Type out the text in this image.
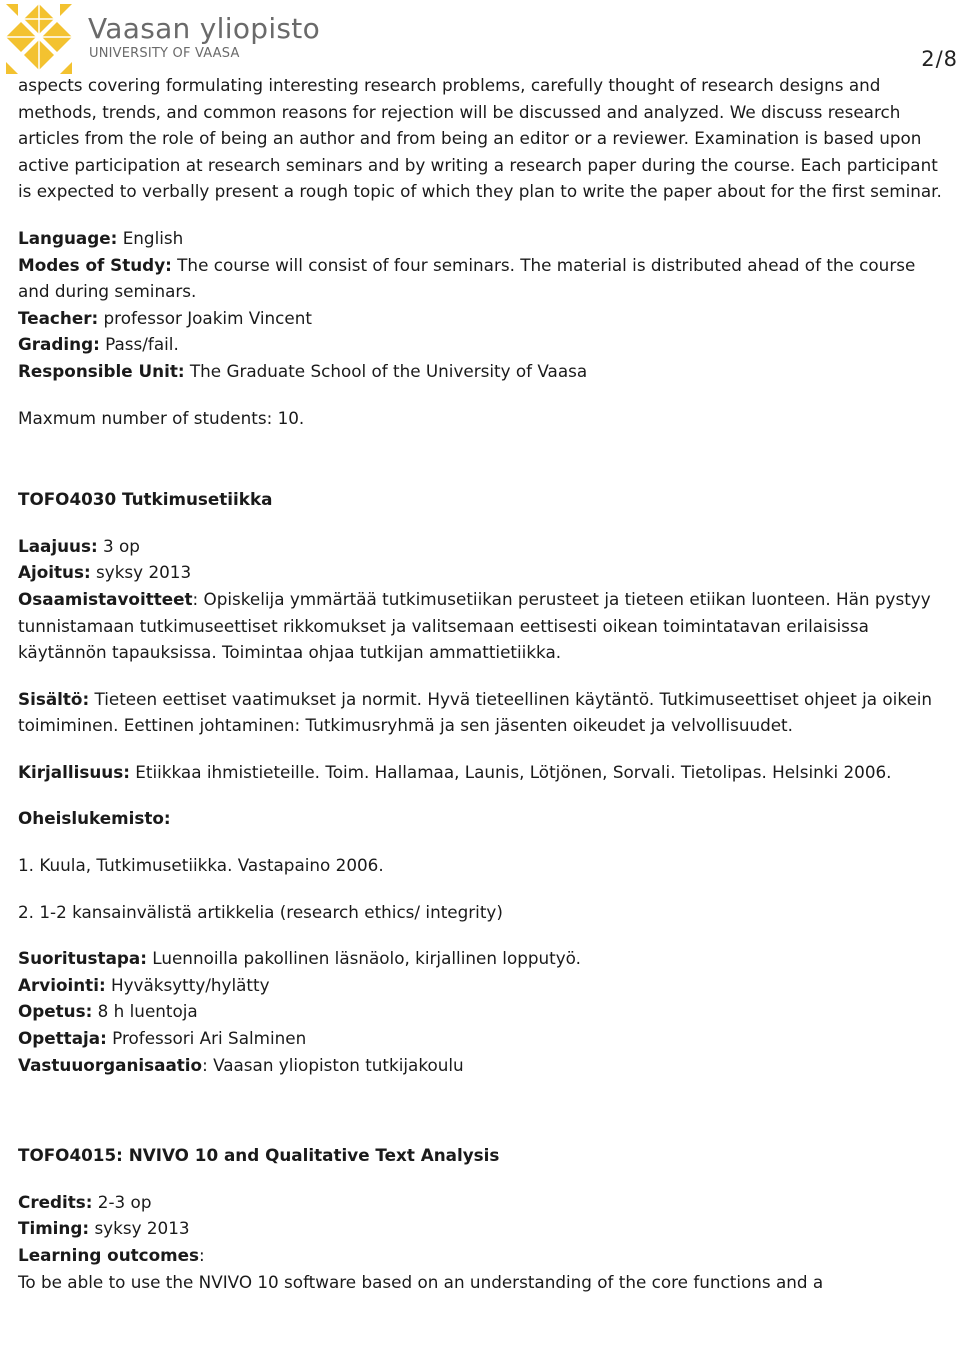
Vaasan yliopisto
UNIVERSITY OF VAASA	2/8

aspects covering formulating interesting research problems, carefully thought of research designs and methods, trends, and common reasons for rejection will be discussed and analyzed. We discuss research articles from the role of being an author and from being an editor or a reviewer. Examination is based upon active participation at research seminars and by writing a research paper during the course. Each participant is expected to verbally present a rough topic of which they plan to write the paper about for the first seminar.

Language: English

Modes of Study: The course will consist of four seminars. The material is distributed ahead of the course and during seminars.

Teacher: professor Joakim Vincent

Grading: Pass/fail.

Responsible Unit: The Graduate School of the University of Vaasa

Maxmum number of students: 10.

TOFO4030 Tutkimusetiikka

Laajuus: 3 op

Ajoitus: syksy 2013

Osaamistavoitteet: Opiskelija ymmärtää tutkimusetiikan perusteet ja tieteen etiikan luonteen. Hän pystyy tunnistamaan tutkimuseettiset rikkomukset ja valitsemaan eettisesti oikean toimintatavan erilaisissa käytännön tapauksissa. Toimintaa ohjaa tutkijan ammattietiikka.

Sisältö: Tieteen eettiset vaatimukset ja normit. Hyvä tieteellinen käytäntö. Tutkimuseettiset ohjeet ja oikein toimiminen. Eettinen johtaminen: Tutkimusryhmä ja sen jäsenten oikeudet ja velvollisuudet.

Kirjallisuus: Etiikkaa ihmistieteille. Toim. Hallamaa, Launis, Lötjönen, Sorvali. Tietolipas. Helsinki 2006.

Oheislukemisto:

1. Kuula, Tutkimusetiikka. Vastapaino 2006.

2. 1-2 kansainvälistä artikkelia (research ethics/ integrity)

Suoritustapa: Luennoilla pakollinen läsnäolo, kirjallinen lopputyö.

Arviointi: Hyväksytty/hylätty

Opetus: 8 h luentoja

Opettaja: Professori Ari Salminen

Vastuuorganisaatio: Vaasan yliopiston tutkijakoulu

TOFO4015: NVIVO 10 and Qualitative Text Analysis

Credits: 2-3 op

Timing: syksy 2013

Learning outcomes:

To be able to use the NVIVO 10 software based on an understanding of the core functions and a
